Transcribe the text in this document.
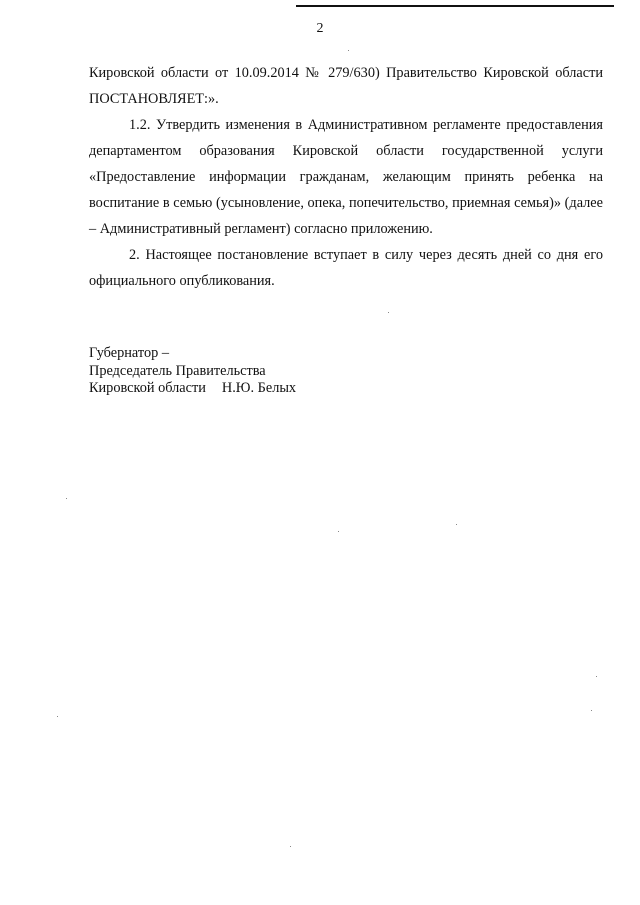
2

Кировской области от 10.09.2014 № 279/630) Правительство Кировской области ПОСТАНОВЛЯЕТ:».

1.2. Утвердить изменения в Административном регламенте предоставления департаментом образования Кировской области государственной услуги «Предоставление информации гражданам, желающим принять ребенка на воспитание в семью (усыновление, опека, попечительство, приемная семья)» (далее – Административный регламент) согласно приложению.

2. Настоящее постановление вступает в силу через десять дней со дня его официального опубликования.

Губернатор –
Председатель Правительства
Кировской области Н.Ю. Белых
